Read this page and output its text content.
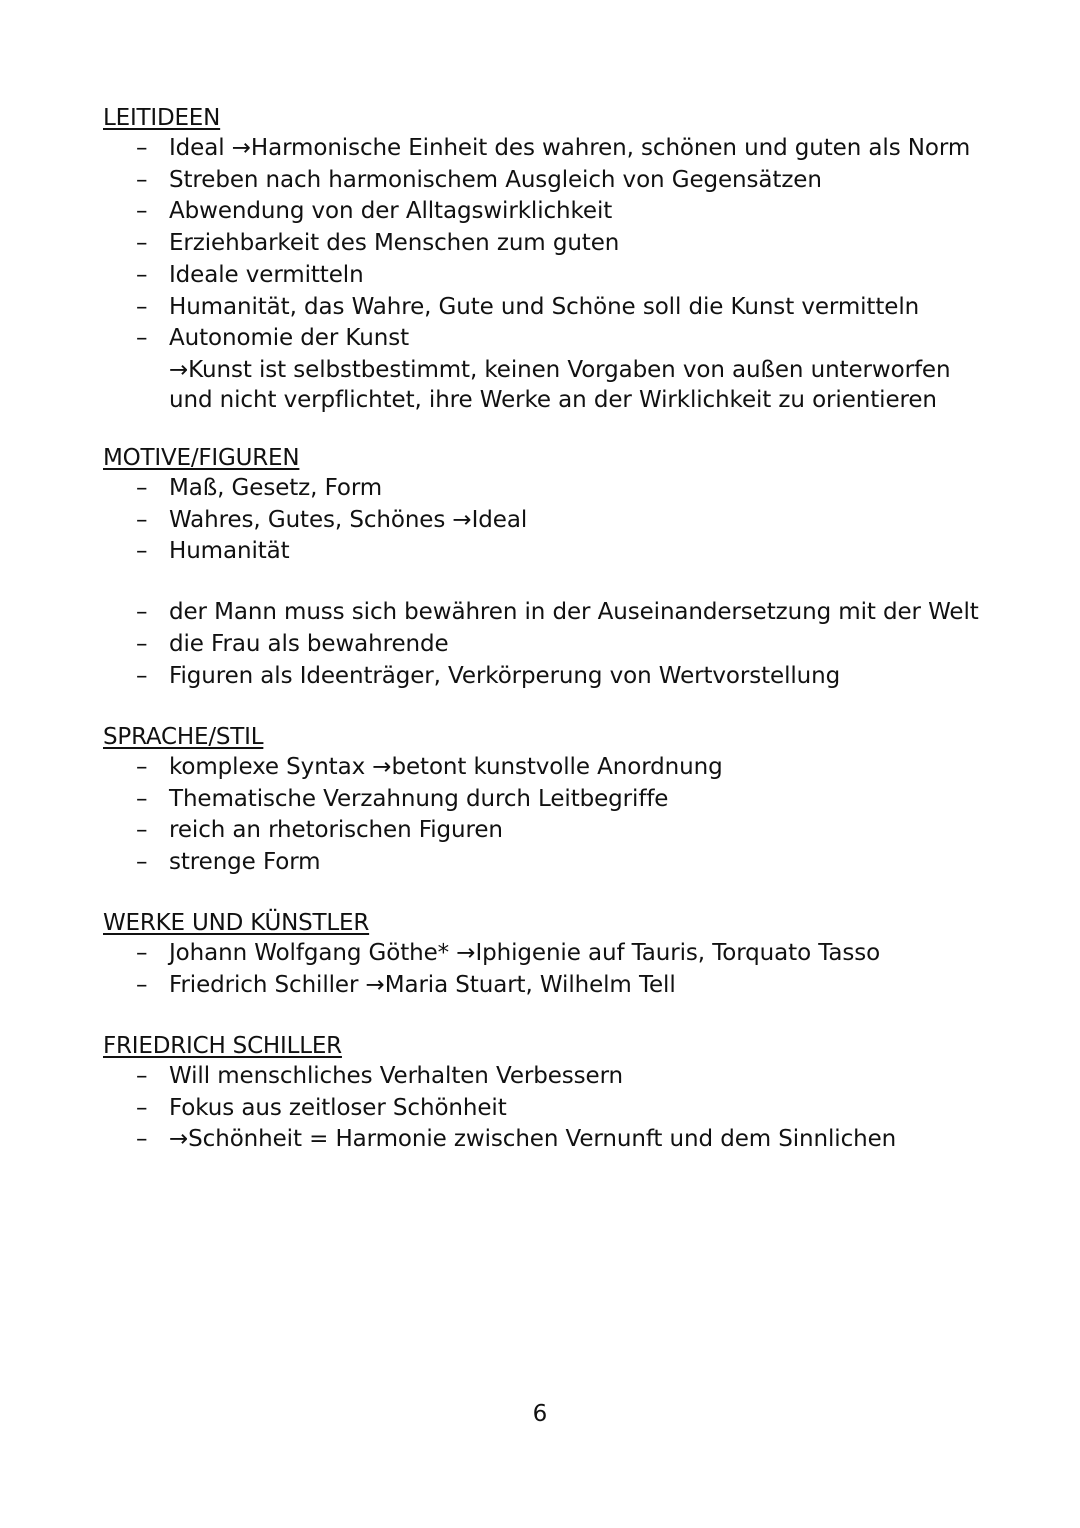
LEITIDEEN
– Ideal →Harmonische Einheit des wahren, schönen und guten als Norm
– Streben nach harmonischem Ausgleich von Gegensätzen
– Abwendung von der Alltagswirklichkeit
– Erziehbarkeit des Menschen zum guten
– Ideale vermitteln
– Humanität, das Wahre, Gute und Schöne soll die Kunst vermitteln
– Autonomie der Kunst
→Kunst ist selbstbestimmt, keinen Vorgaben von außen unterworfen
und nicht verpflichtet, ihre Werke an der Wirklichkeit zu orientieren
MOTIVE/FIGUREN
– Maß, Gesetz, Form
– Wahres, Gutes, Schönes →Ideal
– Humanität
– der Mann muss sich bewähren in der Auseinandersetzung mit der Welt
– die Frau als bewahrende
– Figuren als Ideenträger, Verkörperung von Wertvorstellung
SPRACHE/STIL
– komplexe Syntax →betont kunstvolle Anordnung
– Thematische Verzahnung durch Leitbegriffe
– reich an rhetorischen Figuren
– strenge Form
WERKE UND KÜNSTLER
– Johann Wolfgang Göthe* →Iphigenie auf Tauris, Torquato Tasso
– Friedrich Schiller →Maria Stuart, Wilhelm Tell
FRIEDRICH SCHILLER
– Will menschliches Verhalten Verbessern
– Fokus aus zeitloser Schönheit
– →Schönheit = Harmonie zwischen Vernunft und dem Sinnlichen
6
